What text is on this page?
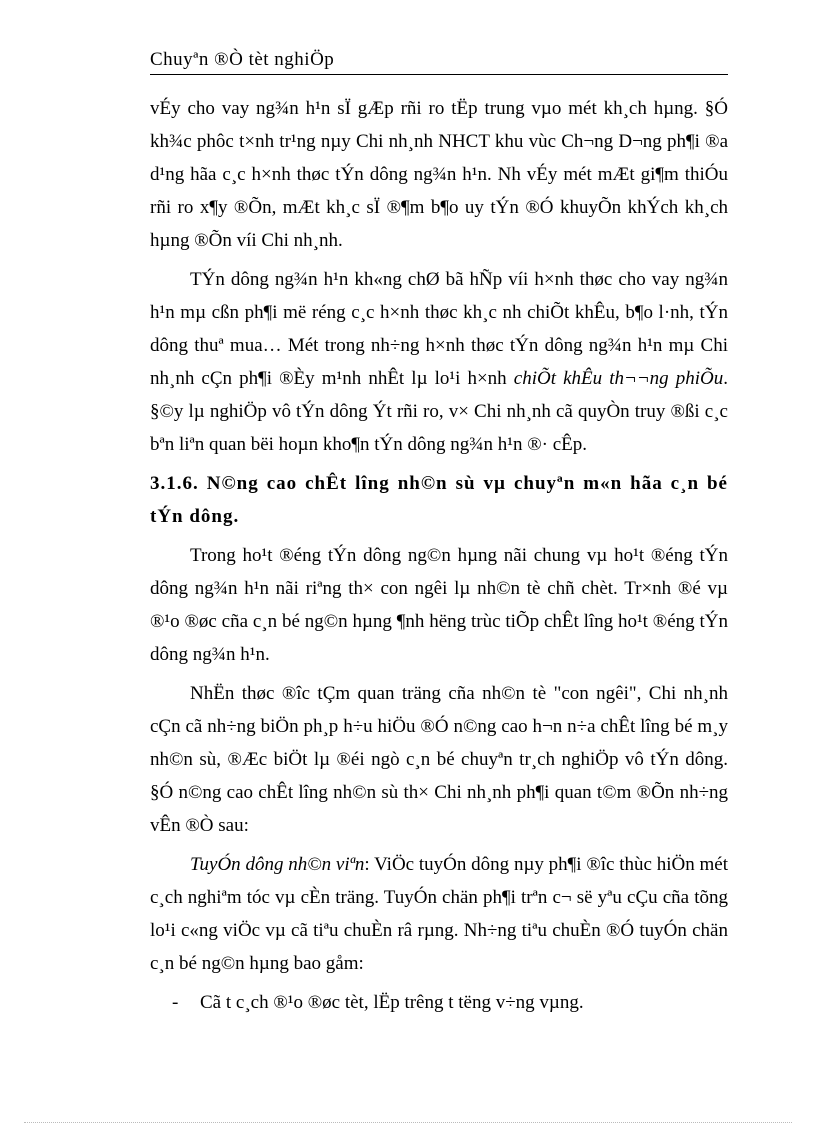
Chuyªn ®Ò tèt nghiÖp

vÉy cho vay ng¾n h¹n sÏ gÆp rñi ro tËp trung vµo mét kh¸ch hµng. §Ó kh¾c phôc t×nh tr¹ng nµy Chi nh¸nh NHCT khu vùc Ch¬ng D¬ng ph¶i ®a d¹ng hãa c¸c h×nh thøc tÝn dông ng¾n h¹n. Nh vÉy mét mÆt gi¶m thiÓu rñi ro x¶y ®Õn, mÆt kh¸c sÏ ®¶m b¶o uy tÝn ®Ó khuyÕn khÝch kh¸ch hµng ®Õn víi Chi nh¸nh.

TÝn dông ng¾n h¹n kh«ng chØ bã hÑp víi h×nh thøc cho vay ng¾n h¹n mµ cßn ph¶i më réng c¸c h×nh thøc kh¸c nh chiÕt khÊu, b¶o l·nh, tÝn dông thuª mua… Mét trong nh÷ng h×nh thøc tÝn dông ng¾n h¹n mµ Chi nh¸nh cÇn ph¶i ®Èy m¹nh nhÊt lµ lo¹i h×nh chiÕt khÊu th¬¬ng phiÕu. §©y lµ nghiÖp vô tÝn dông Ýt rñi ro, v× Chi nh¸nh cã quyÒn truy ®ßi c¸c bªn liªn quan bëi hoµn kho¶n tÝn dông ng¾n h¹n ®· cÊp.

3.1.6. N©ng cao chÊt lîng nh©n sù vµ chuyªn m«n hãa c¸n bé tÝn dông.

Trong ho¹t ®éng tÝn dông ng©n hµng nãi chung vµ ho¹t ®éng tÝn dông ng¾n h¹n nãi riªng th× con ngêi lµ nh©n tè chñ chèt. Tr×nh ®é vµ ®¹o ®øc cña c¸n bé ng©n hµng ¶nh hëng trùc tiÕp chÊt lîng ho¹t ®éng tÝn dông ng¾n h¹n.

NhËn thøc ®îc tÇm quan träng cña nh©n tè "con ngêi", Chi nh¸nh cÇn cã nh÷ng biÖn ph¸p h÷u hiÖu ®Ó n©ng cao h¬n n÷a chÊt lîng bé m¸y nh©n sù, ®Æc biÖt lµ ®éi ngò c¸n bé chuyªn tr¸ch nghiÖp vô tÝn dông. §Ó n©ng cao chÊt lîng nh©n sù th× Chi nh¸nh ph¶i quan t©m ®Õn nh÷ng vÊn ®Ò sau:

TuyÓn dông nh©n viªn: ViÖc tuyÓn dông nµy ph¶i ®îc thùc hiÖn mét c¸ch nghiªm tóc vµ cÈn träng. TuyÓn chän ph¶i trªn c¬ së yªu cÇu cña tõng lo¹i c«ng viÖc vµ cã tiªu chuÈn râ rµng. Nh÷ng tiªu chuÈn ®Ó tuyÓn chän c¸n bé ng©n hµng bao gåm:

-	Cã t c¸ch ®¹o ®øc tèt, lËp trêng t tëng v÷ng vµng.
